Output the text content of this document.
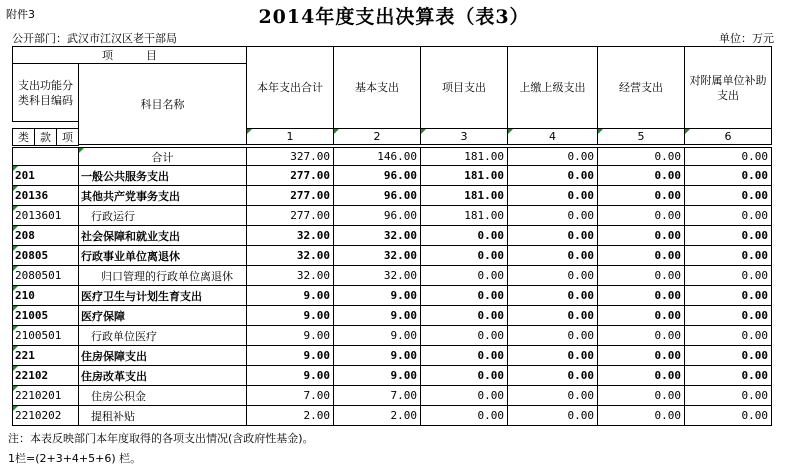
附件3	2014年度支出决算表（表3）
公开部门：武汉市江汉区老干部局	单位：万元
项　　　目				本年支出合计	基本支出	项目支出	上缴上级支出	经营支出	对附属单位补助支出
支出功能分类科目编码			科目名称						

类	款	项		1	2	3	4	5	6

	合计	327.00	146.00	181.00	0.00	0.00	0.00
201	一般公共服务支出	277.00	96.00	181.00	0.00	0.00	0.00
20136	其他共产党事务支出	277.00	96.00	181.00	0.00	0.00	0.00
2013601	行政运行	277.00	96.00	181.00	0.00	0.00	0.00
208	社会保障和就业支出	32.00	32.00	0.00	0.00	0.00	0.00
20805	行政事业单位离退休	32.00	32.00	0.00	0.00	0.00	0.00
2080501	归口管理的行政单位离退休	32.00	32.00	0.00	0.00	0.00	0.00
210	医疗卫生与计划生育支出	9.00	9.00	0.00	0.00	0.00	0.00
21005	医疗保障	9.00	9.00	0.00	0.00	0.00	0.00
2100501	行政单位医疗	9.00	9.00	0.00	0.00	0.00	0.00
221	住房保障支出	9.00	9.00	0.00	0.00	0.00	0.00
22102	住房改革支出	9.00	9.00	0.00	0.00	0.00	0.00
2210201	住房公积金	7.00	7.00	0.00	0.00	0.00	0.00
2210202	提租补贴	2.00	2.00	0.00	0.00	0.00	0.00
注：本表反映部门本年度取得的各项支出情况(含政府性基金)。
1栏=(2+3+4+5+6) 栏。
